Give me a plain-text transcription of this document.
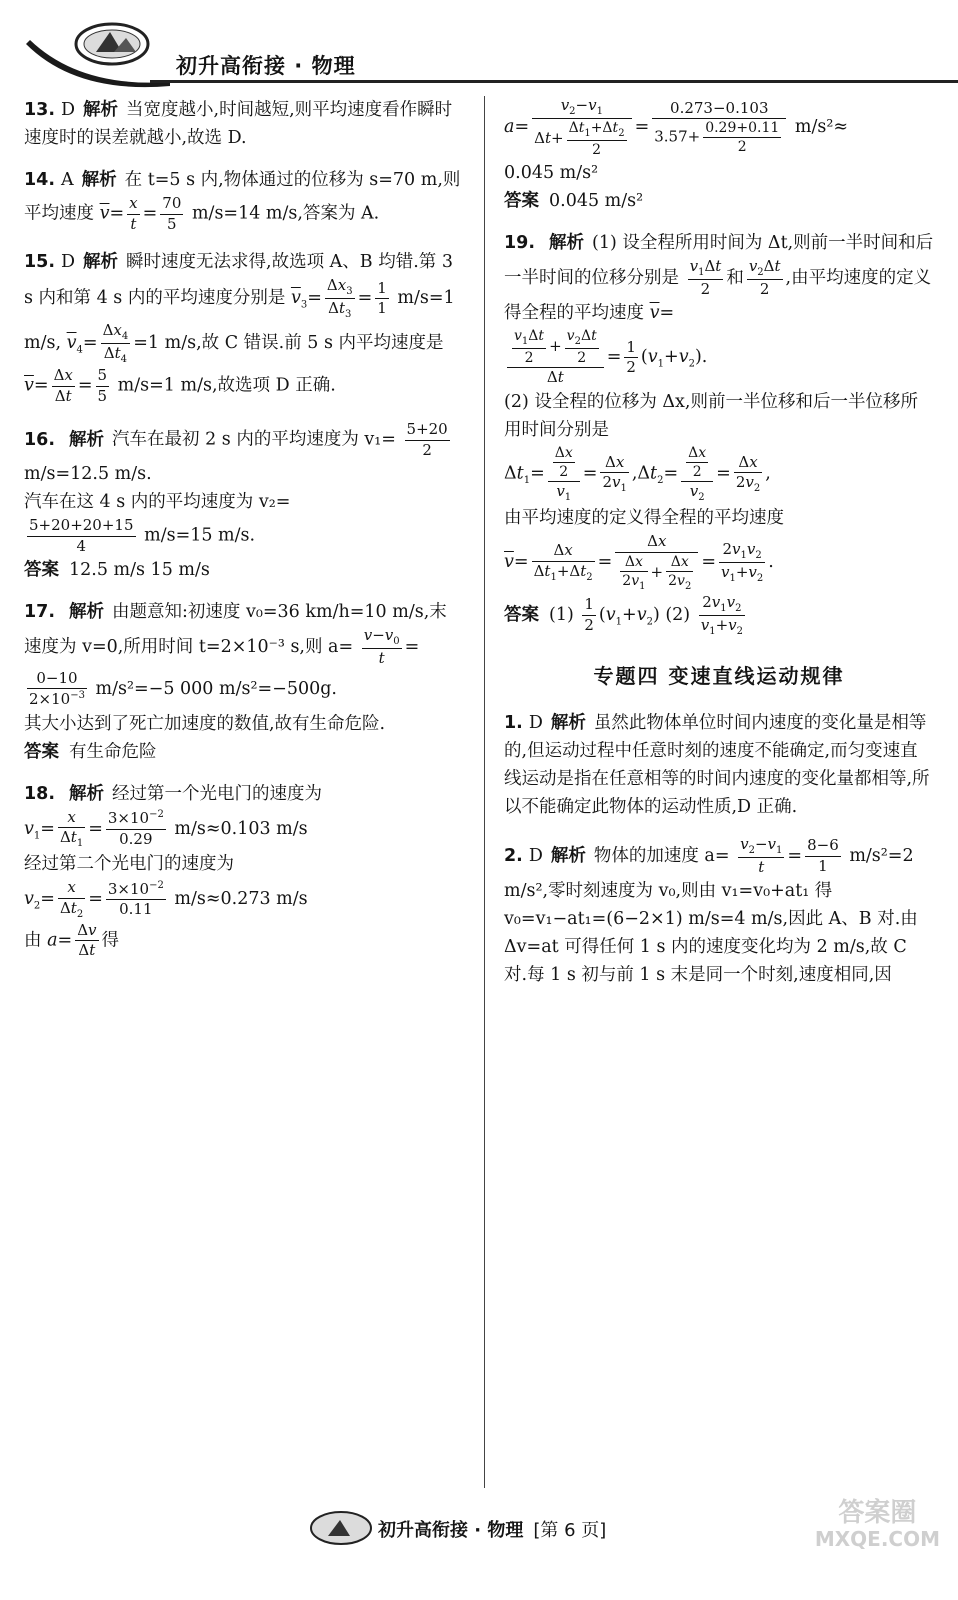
初升高衔接 · 物理
13. D 解析 当宽度越小,时间越短,则平均速度看作瞬时速度时的误差就越小,故选 D.
14. A 解析 在 t=5 s 内,物体通过的位移为 s=70 m,则平均速度 $\overline{v}= \frac{x}{t} = \frac{70}{5} m/s=14$ m/s,答案为 A.
15. D 解析 瞬时速度无法求得,故选项 A、B 均错.第 3 s 内和第 4 s 内的平均速度分别是 $\overline{v}_3= \frac{\Delta x_3}{\Delta t_3} = \frac{1}{1} m/s=1$ m/s, $\overline{v}_4= \frac{\Delta x_4}{\Delta t_4} =1$ m/s,故 C 错误.前 5 s 内平均速度是 $\overline{v}= \frac{\Delta x}{\Delta t} = \frac{5}{5} m/s=1$ m/s,故选项 D 正确.
16. 解析 汽车在最初 2 s 内的平均速度为 $v_1= \frac{5+20}{2}$
m/s=12.5 m/s.
汽车在这 4 s 内的平均速度为 v₂=

$\frac{5+20+20+15}{4} m/s=15$ m/s.
答案 12.5 m/s 15 m/s
17. 解析 由题意知:初速度 v₀=36 km/h=10 m/s,末速度为 v=0,所用时间 t=2×10⁻³ s,则 $a= \frac{v-v_0}{t}$ =
$\frac{0-10}{2\times 10^{-3}} m/s^2=-5$ 000 m/s²=−500g.
其大小达到了死亡加速度的数值,故有生命危险.
答案 有生命危险
18. 解析 经过第一个光电门的速度为
$v_1= \frac{x}{\Delta t_1} = \frac{3\times 10^{-2}}{0.29} m/s\approx 0.103$ m/s
经过第二个光电门的速度为
$v_2= \frac{x}{\Delta t_2} = \frac{3\times 10^{-2}}{0.11} m/s\approx 0.273$ m/s
由 $a= \frac{\Delta v}{\Delta t}$ 得
$a= \frac{v_2-v_1}{\Delta t+ \frac{\Delta t_1+\Delta t_2}{2}} = \frac{0.273-0.103}{3.57+ \frac{0.29+0.11}{2}} m/s^2\approx$
0.045 m/s²
答案 0.045 m/s²
19. 解析 (1) 设全程所用时间为 Δt,则前一半时间和后一半时间的位移分别是 $\frac{v_1\Delta t}{2}$ 和 $\frac{v_2\Delta t}{2}$ ,由平均速度的定义得全程的平均速度 $\overline{v}=$

$\frac{\frac{v_1\Delta t}{2} + \frac{v_2\Delta t}{2}}{\Delta t} = \frac{1}{2} (v_1+v_2)$.
(2) 设全程的位移为 Δx,则前一半位移和后一半位移所用时间分别是
$\Delta t_1= \frac{\frac{\Delta x}{2}}{v_1} = \frac{\Delta x}{2v_1} ,\Delta t_2= \frac{\frac{\Delta x}{2}}{v_2} = \frac{\Delta x}{2v_2}$ ,
由平均速度的定义得全程的平均速度
$\overline{v}= \frac{\Delta x}{\Delta t_1+\Delta t_2} = \frac{\Delta x}{\frac{\Delta x}{2v_1} + \frac{\Delta x}{2v_2}} = \frac{2v_1v_2}{v_1+v_2}$ .
答案 $(1) \frac{1}{2} (v_1+v_2)$ $(2) \frac{2v_1v_2}{v_1+v_2}$
专题四 变速直线运动规律
1. D 解析 虽然此物体单位时间内速度的变化量是相等的,但运动过程中任意时刻的速度不能确定,而匀变速直线运动是指在任意相等的时间内速度的变化量都相等,所以不能确定此物体的运动性质,D 正确.
2. D 解析 物体的加速度 $a= \frac{v_2-v_1}{t} = \frac{8-6}{1} m/s^2=2$ m/s²,零时刻速度为 v₀,则由 v₁=v₀+at₁ 得 v₀=v₁−at₁=(6−2×1) m/s=4 m/s,因此 A、B 对.由 Δv=at 可得任何 1 s 内的速度变化均为 2 m/s,故 C 对.每 1 s 初与前 1 s 末是同一个时刻,速度相同,因
初升高衔接 · 物理 [第 6 页]
答案圈
MXQE.COM
